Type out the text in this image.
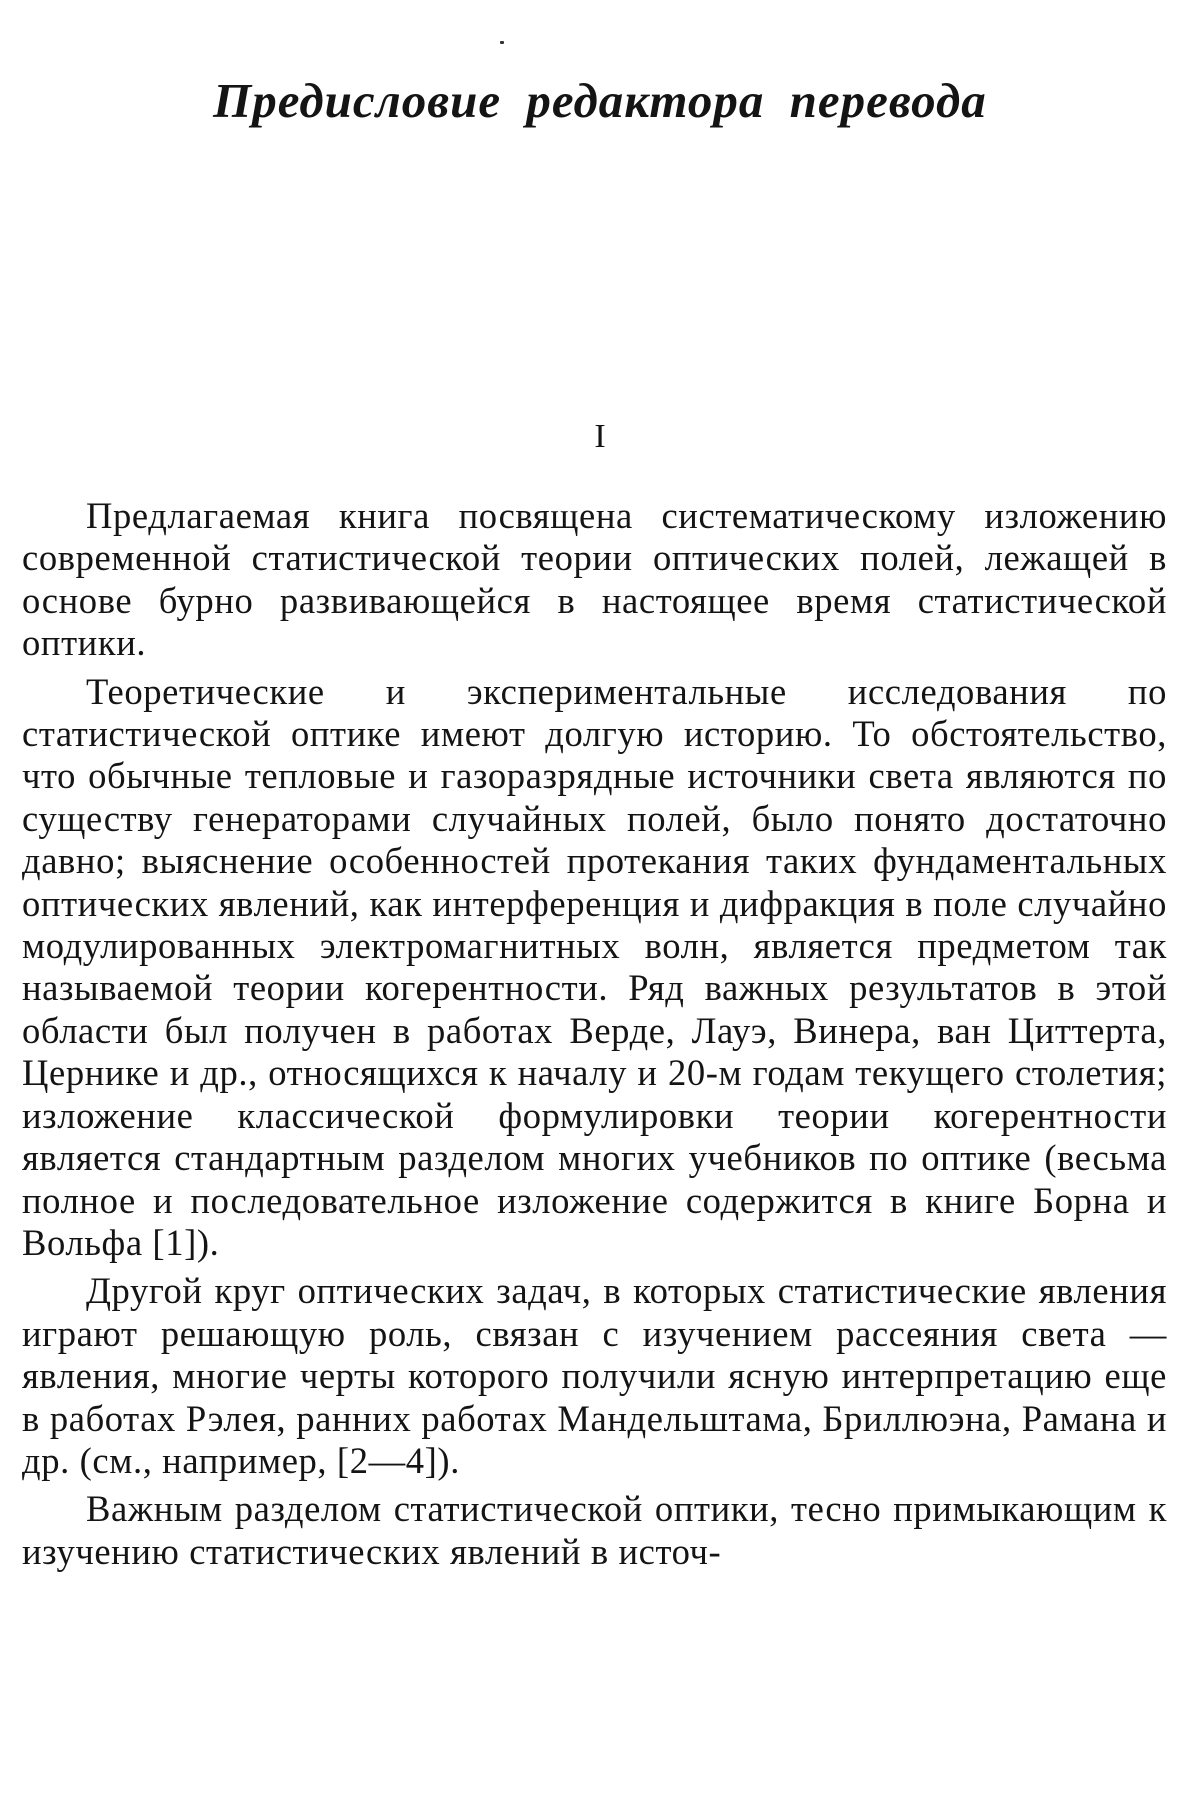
Предисловие редактора перевода
I

Предлагаемая книга посвящена систематическому изложению современной статистической теории оптических полей, лежащей в основе бурно развивающейся в настоящее время статистической оптики.

Теоретические и экспериментальные исследования по статистической оптике имеют долгую историю. То обстоятельство, что обычные тепловые и газоразрядные источники света являются по существу генераторами случайных полей, было понято достаточно давно; выяснение особенностей протекания таких фундаментальных оптических явлений, как интерференция и дифракция в поле случайно модулированных электромагнитных волн, является предметом так называемой теории когерентности. Ряд важных результатов в этой области был получен в работах Верде, Лауэ, Винера, ван Циттерта, Цернике и др., относящихся к началу и 20-м годам текущего столетия; изложение классической формулировки теории когерентности является стандартным разделом многих учебников по оптике (весьма полное и последовательное изложение содержится в книге Борна и Вольфа [1]).

Другой круг оптических задач, в которых статистические явления играют решающую роль, связан с изучением рассеяния света — явления, многие черты которого получили ясную интерпретацию еще в работах Рэлея, ранних работах Мандельштама, Бриллюэна, Рамана и др. (см., например, [2—4]).

Важным разделом статистической оптики, тесно примыкающим к изучению статистических явлений в источ-
